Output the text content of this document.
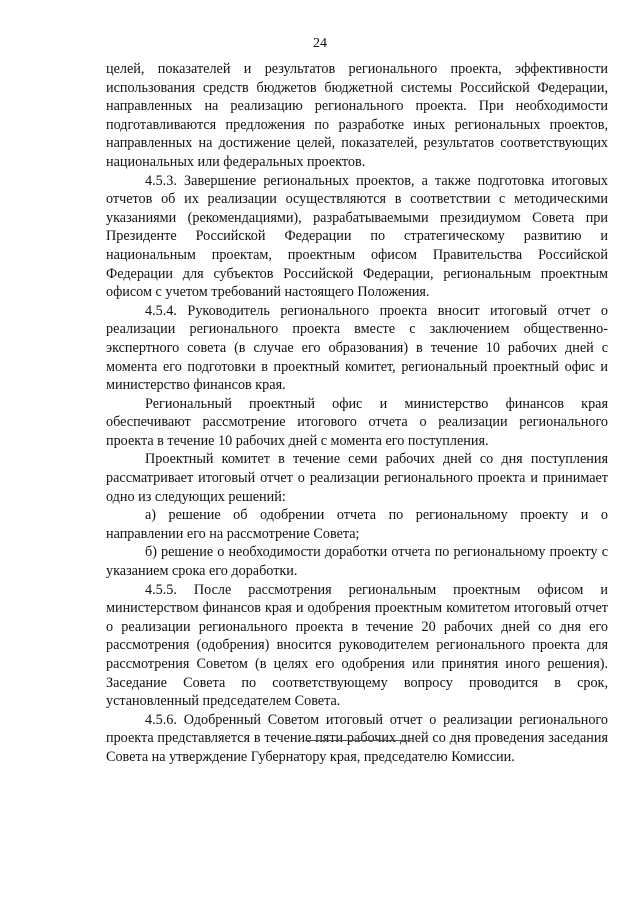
24

целей, показателей и результатов регионального проекта, эффективности использования средств бюджетов бюджетной системы Российской Федерации, направленных на реализацию регионального проекта. При необходимости подготавливаются предложения по разработке иных региональных проектов, направленных на достижение целей, показателей, результатов соответствующих национальных или федеральных проектов.

4.5.3. Завершение региональных проектов, а также подготовка итоговых отчетов об их реализации осуществляются в соответствии с методическими указаниями (рекомендациями), разрабатываемыми президиумом Совета при Президенте Российской Федерации по стратегическому развитию и национальным проектам, проектным офисом Правительства Российской Федерации для субъектов Российской Федерации, региональным проектным офисом с учетом требований настоящего Положения.

4.5.4. Руководитель регионального проекта вносит итоговый отчет о реализации регионального проекта вместе с заключением общественно-экспертного совета (в случае его образования) в течение 10 рабочих дней с момента его подготовки в проектный комитет, региональный проектный офис и министерство финансов края.

Региональный проектный офис и министерство финансов края обеспечивают рассмотрение итогового отчета о реализации регионального проекта в течение 10 рабочих дней с момента его поступления.

Проектный комитет в течение семи рабочих дней со дня поступления рассматривает итоговый отчет о реализации регионального проекта и принимает одно из следующих решений:

а) решение об одобрении отчета по региональному проекту и о направлении его на рассмотрение Совета;

б) решение о необходимости доработки отчета по региональному проекту с указанием срока его доработки.

4.5.5. После рассмотрения региональным проектным офисом и министерством финансов края и одобрения проектным комитетом итоговый отчет о реализации регионального проекта в течение 20 рабочих дней со дня его рассмотрения (одобрения) вносится руководителем регионального проекта для рассмотрения Советом (в целях его одобрения или принятия иного решения). Заседание Совета по соответствующему вопросу проводится в срок, установленный председателем Совета.

4.5.6. Одобренный Советом итоговый отчет о реализации регионального проекта представляется в течение пяти рабочих дней со дня проведения заседания Совета на утверждение Губернатору края, председателю Комиссии.
